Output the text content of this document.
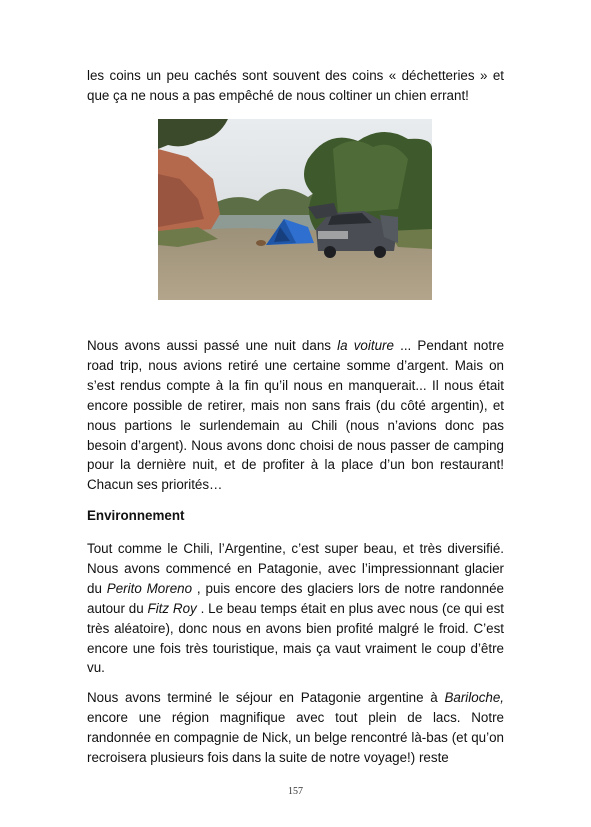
les coins un peu cachés sont souvent des coins « déchetteries » et que ça ne nous a pas empêché de nous coltiner un chien errant!

Nous avons aussi passé une nuit dans la voiture ... Pendant notre road trip, nous avions retiré une certaine somme d’argent. Mais on s’est rendus compte à la fin qu’il nous en manquerait... Il nous était encore possible de retirer, mais non sans frais (du côté argentin), et nous partions le surlendemain au Chili (nous n’avions donc pas besoin d’argent). Nous avons donc choisi de nous passer de camping pour la dernière nuit, et de profiter à la place d’un bon restaurant! Chacun ses priorités…

Environnement

Tout comme le Chili, l’Argentine, c’est super beau, et très diversifié. Nous avons commencé en Patagonie, avec l’impressionnant glacier du Perito Moreno , puis encore des glaciers lors de notre randonnée autour du Fitz Roy . Le beau temps était en plus avec nous (ce qui est très aléatoire), donc nous en avons bien profité malgré le froid. C’est encore une fois très touristique, mais ça vaut vraiment le coup d’être vu.

Nous avons terminé le séjour en Patagonie argentine à Bariloche, encore une région magnifique avec tout plein de lacs. Notre randonnée en compagnie de Nick, un belge rencontré là-bas (et qu’on recroisera plusieurs fois dans la suite de notre voyage!) reste

157
